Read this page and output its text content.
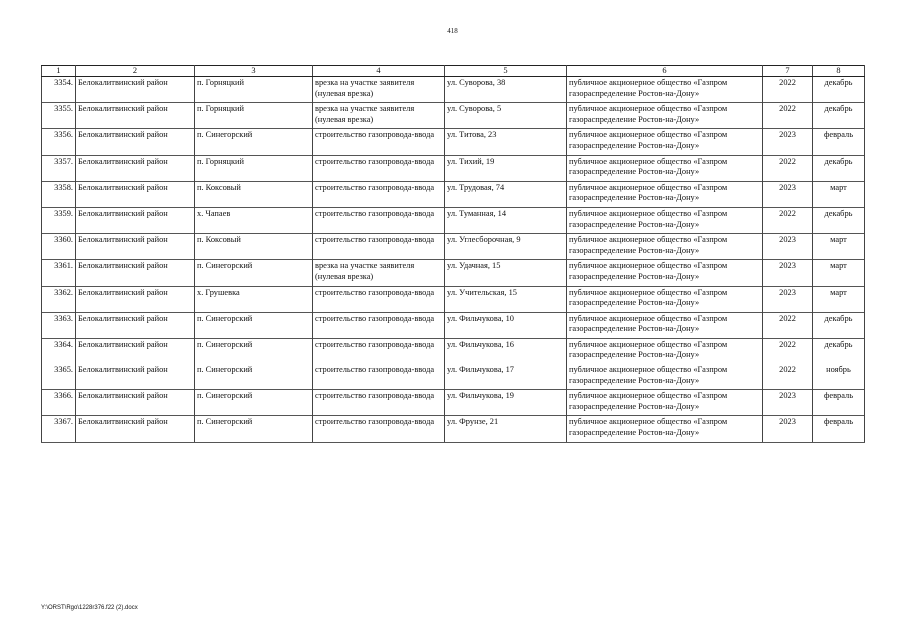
418
1	2	3	4	5	6	7	8
3354.	Белокалитвинский район	п. Горняцкий	врезка на участке заявителя (нулевая врезка)	ул. Суворова, 38	публичное акционерное общество «Газпром газораспределение Ростов-на-Дону»	2022	декабрь
3355.	Белокалитвинский район	п. Горняцкий	врезка на участке заявителя (нулевая врезка)	ул. Суворова, 5	публичное акционерное общество «Газпром газораспределение Ростов-на-Дону»	2022	декабрь
3356.	Белокалитвинский район	п. Синегорский	строительство газопровода-ввода	ул. Титова, 23	публичное акционерное общество «Газпром газораспределение Ростов-на-Дону»	2023	февраль
3357.	Белокалитвинский район	п. Горняцкий	строительство газопровода-ввода	ул. Тихий, 19	публичное акционерное общество «Газпром газораспределение Ростов-на-Дону»	2022	декабрь
3358.	Белокалитвинский район	п. Коксовый	строительство газопровода-ввода	ул. Трудовая, 74	публичное акционерное общество «Газпром газораспределение Ростов-на-Дону»	2023	март
3359.	Белокалитвинский район	х. Чапаев	строительство газопровода-ввода	ул. Туманная, 14	публичное акционерное общество «Газпром газораспределение Ростов-на-Дону»	2022	декабрь
3360.	Белокалитвинский район	п. Коксовый	строительство газопровода-ввода	ул. Углесборочная, 9	публичное акционерное общество «Газпром газораспределение Ростов-на-Дону»	2023	март
3361.	Белокалитвинский район	п. Синегорский	врезка на участке заявителя (нулевая врезка)	ул. Удачная, 15	публичное акционерное общество «Газпром газораспределение Ростов-на-Дону»	2023	март
3362.	Белокалитвинский район	х. Грушевка	строительство газопровода-ввода	ул. Учительская, 15	публичное акционерное общество «Газпром газораспределение Ростов-на-Дону»	2023	март
3363.	Белокалитвинский район	п. Синегорский	строительство газопровода-ввода	ул. Фильчукова, 10	публичное акционерное общество «Газпром газораспределение Ростов-на-Дону»	2022	декабрь
3364.	Белокалитвинский район	п. Синегорский	строительство газопровода-ввода	ул. Фильчукова, 16	публичное акционерное общество «Газпром газораспределение Ростов-на-Дону»	2022	декабрь
3365.	Белокалитвинский район	п. Синегорский	строительство газопровода-ввода	ул. Фильчукова, 17	публичное акционерное общество «Газпром газораспределение Ростов-на-Дону»	2022	ноябрь
3366.	Белокалитвинский район	п. Синегорский	строительство газопровода-ввода	ул. Фильчукова, 19	публичное акционерное общество «Газпром газораспределение Ростов-на-Дону»	2023	февраль
3367.	Белокалитвинский район	п. Синегорский	строительство газопровода-ввода	ул. Фрунзе, 21	публичное акционерное общество «Газпром газораспределение Ростов-на-Дону»	2023	февраль
Y:\ORST\Rgo\1228r376.f22 (2).docx
